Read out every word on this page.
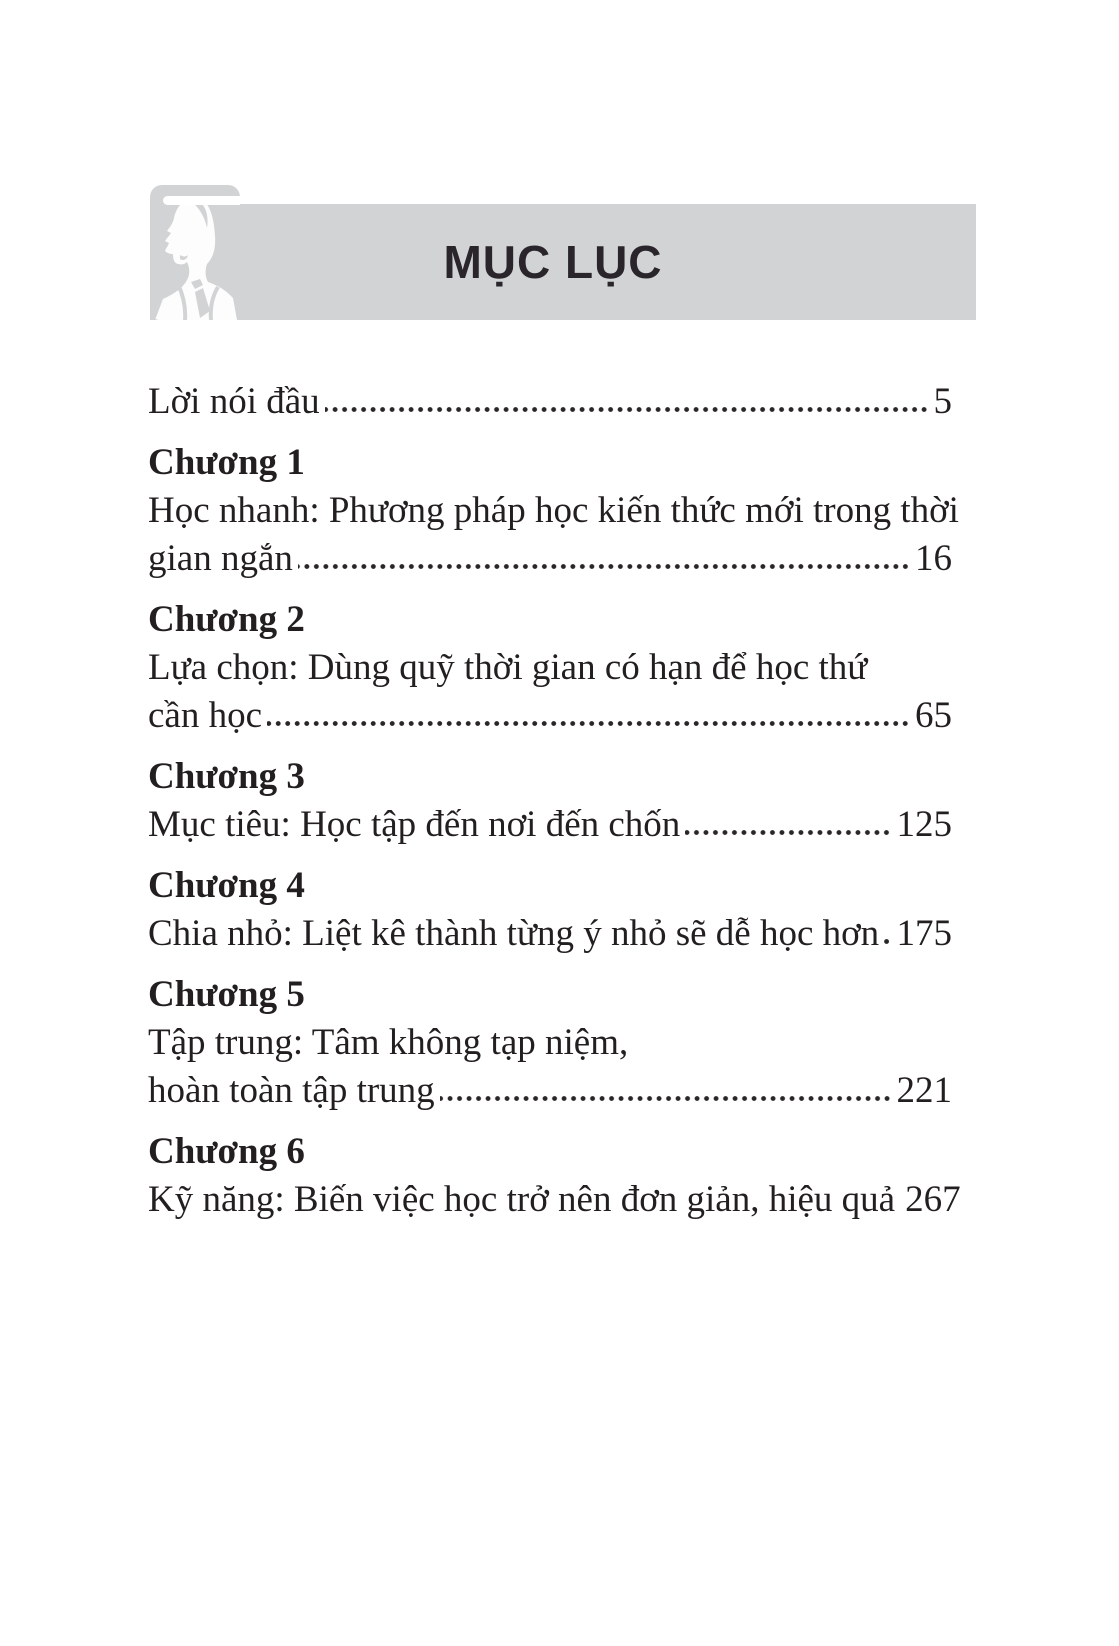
MỤC LỤC

Lời nói đầu	5

Chương 1

Học nhanh: Phương pháp học kiến thức mới trong thời

gian ngắn	16

Chương 2

Lựa chọn: Dùng quỹ thời gian có hạn để học thứ

cần học	65

Chương 3

Mục tiêu: Học tập đến nơi đến chốn	125

Chương 4

Chia nhỏ: Liệt kê thành từng ý nhỏ sẽ dễ học hơn 175

Chương 5

Tập trung: Tâm không tạp niệm,

hoàn toàn tập trung	221

Chương 6

Kỹ năng: Biến việc học trở nên đơn giản, hiệu quả 267
